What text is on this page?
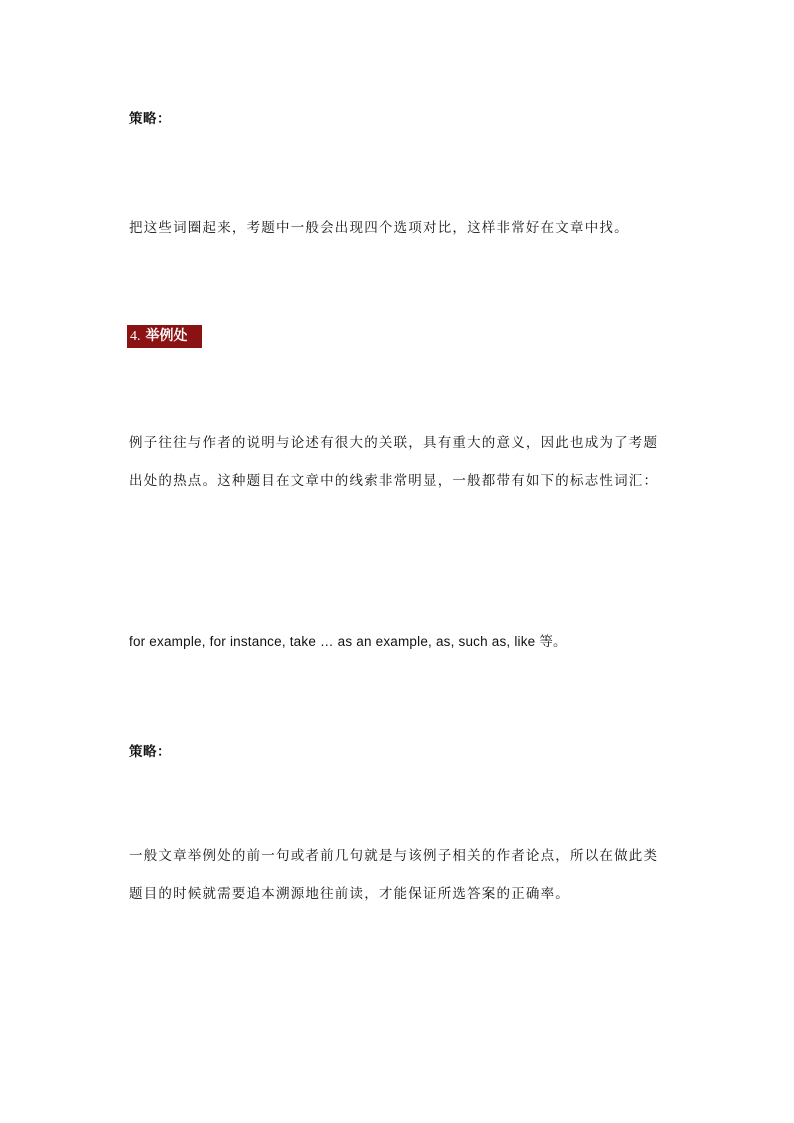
策略：
把这些词圈起来，考题中一般会出现四个选项对比，这样非常好在文章中找。
4. 举例处

例子往往与作者的说明与论述有很大的关联，具有重大的意义，因此也成为了考题出处的热点。这种题目在文章中的线索非常明显，一般都带有如下的标志性词汇：

for example, for instance, take … as an example, as, such as, like 等。
策略：

一般文章举例处的前一句或者前几句就是与该例子相关的作者论点，所以在做此类题目的时候就需要追本溯源地往前读，才能保证所选答案的正确率。
